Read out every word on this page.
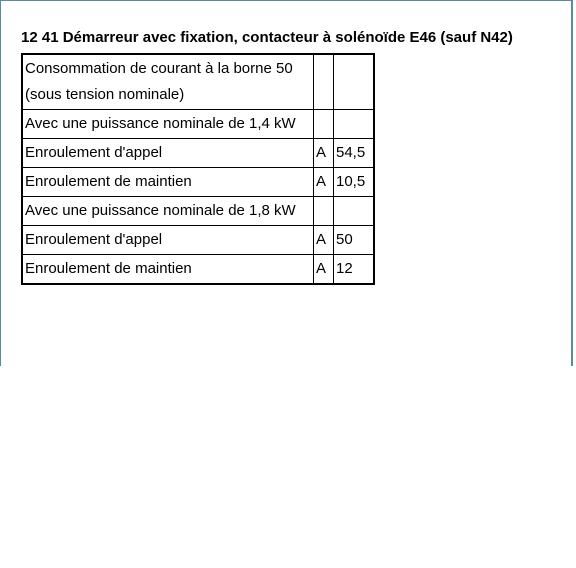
12 41 Démarreur avec fixation, contacteur à solénoïde E46 (sauf N42)
Consommation de courant à la borne 50 (sous tension nominale)		
Avec une puissance nominale de 1,4 kW		
Enroulement d'appel	A	54,5
Enroulement de maintien	A	10,5
Avec une puissance nominale de 1,8 kW		
Enroulement d'appel	A	50
Enroulement de maintien	A	12
